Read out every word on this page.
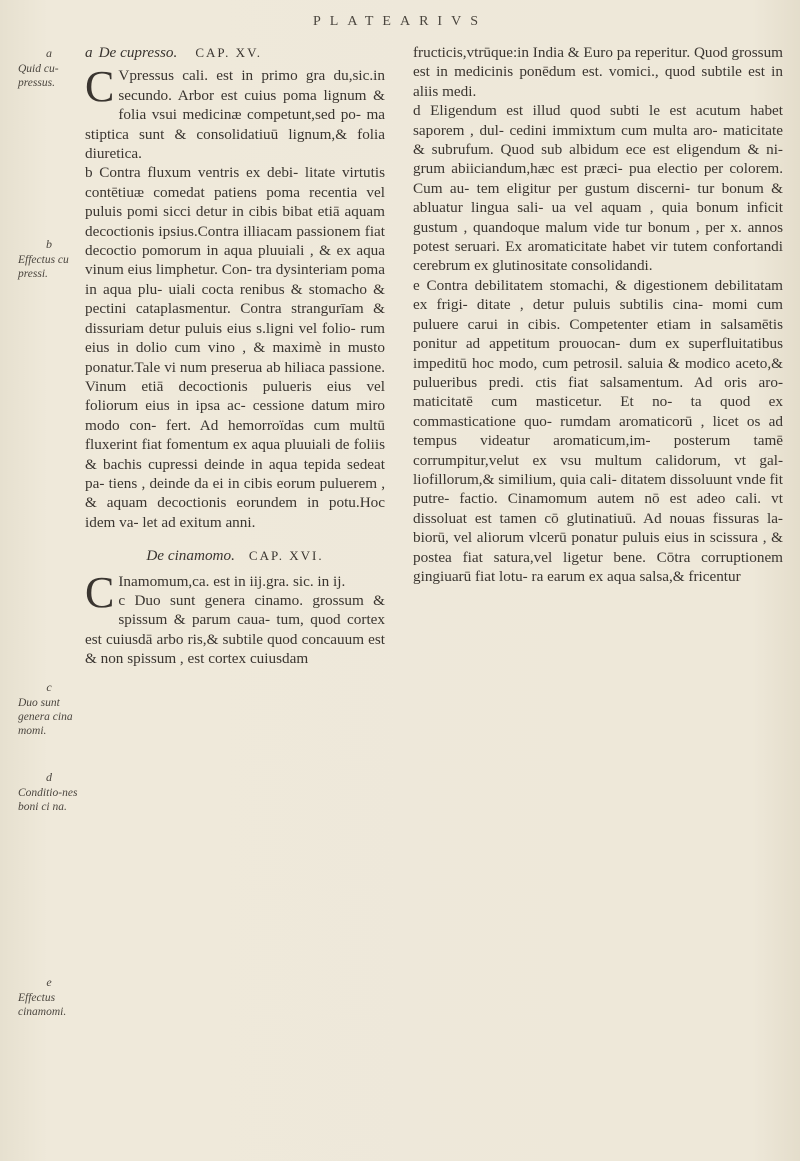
PLATEARIVS
a
Quid cu-pressus.
b
Effectus cu pressi.
c
Duo sunt genera cina momi.
d
Conditio-nes boni ci na.
e
Effectus cinamomi.
a De cupresso. CAP. XV.

C Vpressus cali. est in primo gra du,sic.in secundo. Arbor est cuius poma lignum & folia vsui medicinæ competunt,sed po- ma stiptica sunt & consolidatiuū lignum,& folia diuretica.

b Contra fluxum ventris ex debi- litate virtutis contētiuæ comedat patiens poma recentia vel puluis pomi sicci detur in cibis bibat etiā aquam decoctionis ipsius.Contra illiacam passionem fiat decoctio pomorum in aqua pluuiali , & ex aqua vinum eius limphetur. Con- tra dysinteriam poma in aqua plu- uiali cocta renibus & stomacho & pectini cataplasmentur. Contra strangurīam & dissuriam detur puluis eius s.ligni vel folio- rum eius in dolio cum vino , & maximè in musto ponatur.Tale vi num preserua ab hiliaca passione. Vinum etiā decoctionis pulueris eius vel foliorum eius in ipsa ac- cessione datum miro modo con- fert. Ad hemorroïdas cum multū fluxerint fiat fomentum ex aqua pluuiali de foliis & bachis cupressi deinde in aqua tepida sedeat pa- tiens , deinde da ei in cibis eorum puluerem , & aquam decoctionis eorundem in potu.Hoc idem va- let ad exitum anni.

De cinamomo. CAP. XVI.

C Inamomum,ca. est in iij.gra. sic. in ij.

c Duo sunt genera cinamo. grossum & spissum & parum caua- tum, quod cortex est cuiusdā arbo ris,& subtile quod concauum est & non spissum , est cortex cuiusdam

fructicis,vtrūque:in India & Euro pa reperitur. Quod grossum est in medicinis ponēdum est. vomici., quod subtile est in aliis medi.

d Eligendum est illud quod subti le est acutum habet saporem , dul- cedini immixtum cum multa aro- maticitate & subrufum. Quod sub albidum ece est eligendum & ni- grum abiiciandum,hæc est præci- pua electio per colorem. Cum au- tem eligitur per gustum discerni- tur bonum & abluatur lingua sali- ua vel aquam , quia bonum inficit gustum , quandoque malum vide tur bonum , per x. annos potest seruari. Ex aromaticitate habet vir tutem confortandi cerebrum ex glutinositate consolidandi.

e Contra debilitatem stomachi, & digestionem debilitatam ex frigi- ditate , detur puluis subtilis cina- momi cum puluere carui in cibis. Competenter etiam in salsamētis ponitur ad appetitum prouocan- dum ex superfluitatibus impeditū hoc modo, cum petrosil. saluia & modico aceto,& pulueribus predi. ctis fiat salsamentum. Ad oris aro- maticitatē cum masticetur. Et no- ta quod ex commasticatione quo- rumdam aromaticorū , licet os ad tempus videatur aromaticum,im- posterum tamē corrumpitur,velut ex vsu multum calidorum, vt gal- liofillorum,& similium, quia cali- ditatem dissoluunt vnde fit putre- factio. Cinamomum autem nō est adeo cali. vt dissoluat est tamen cō glutinatiuū. Ad nouas fissuras la- biorū, vel aliorum vlcerū ponatur puluis eius in scissura , & postea fiat satura,vel ligetur bene. Cōtra corruptionem gingiuarū fiat lotu- ra earum ex aqua salsa,& fricentur
